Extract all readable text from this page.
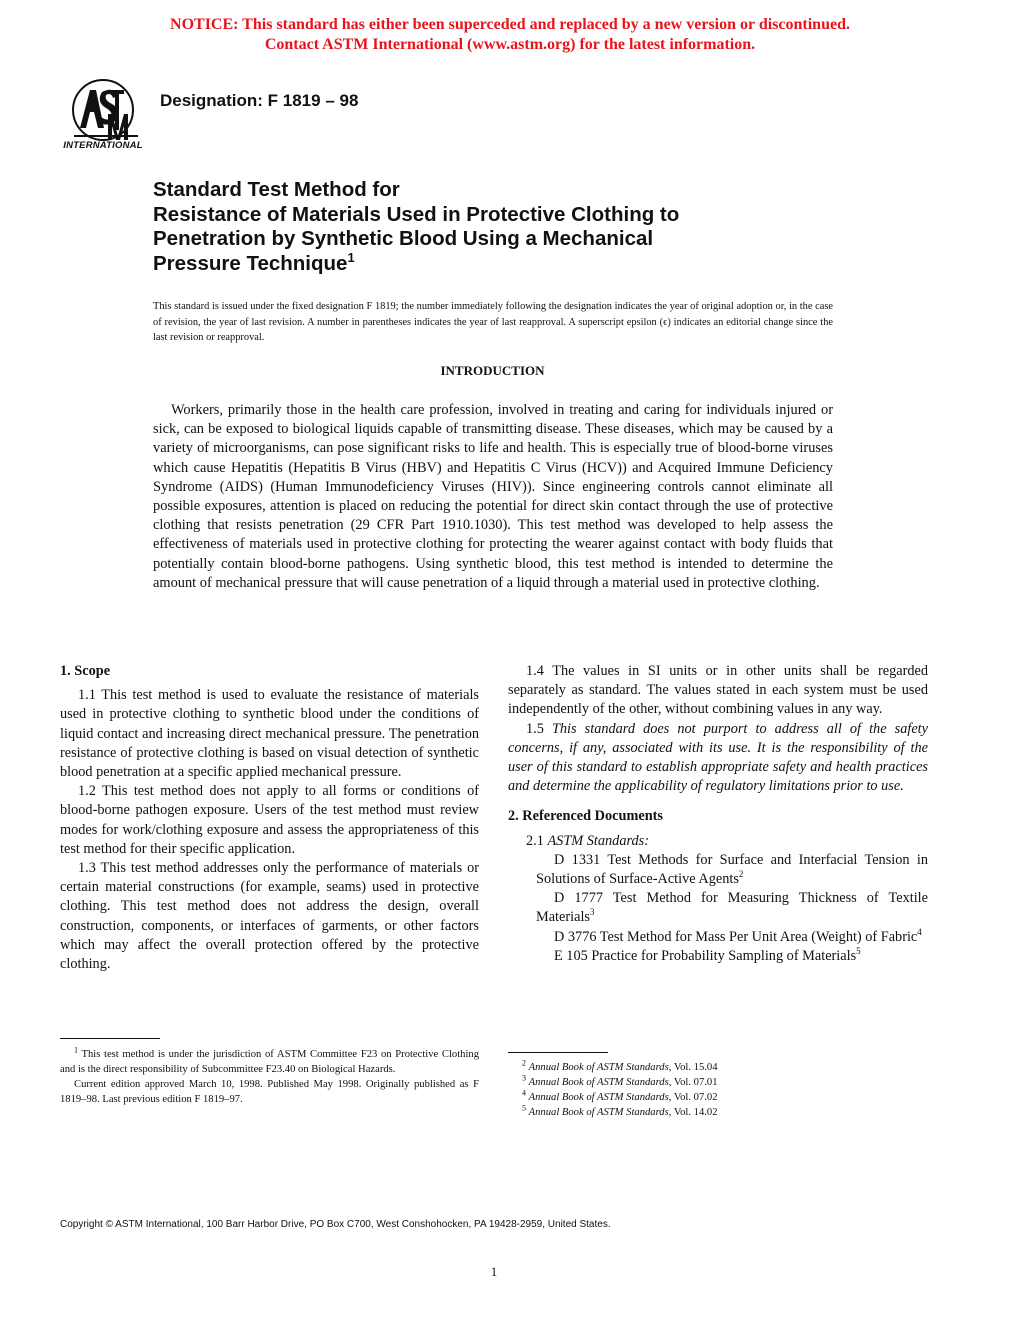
NOTICE: This standard has either been superceded and replaced by a new version or discontinued.
Contact ASTM International (www.astm.org) for the latest information.
INTERNATIONAL
Designation: F 1819 – 98
Standard Test Method for
Resistance of Materials Used in Protective Clothing to
Penetration by Synthetic Blood Using a Mechanical
Pressure Technique$^1$
This standard is issued under the fixed designation F 1819; the number immediately following the designation indicates the year of original adoption or, in the case of revision, the year of last revision. A number in parentheses indicates the year of last reapproval. A superscript epsilon (ϵ) indicates an editorial change since the last revision or reapproval.
INTRODUCTION

Workers, primarily those in the health care profession, involved in treating and caring for individuals injured or sick, can be exposed to biological liquids capable of transmitting disease. These diseases, which may be caused by a variety of microorganisms, can pose significant risks to life and health. This is especially true of blood-borne viruses which cause Hepatitis (Hepatitis B Virus (HBV) and Hepatitis C Virus (HCV)) and Acquired Immune Deficiency Syndrome (AIDS) (Human Immunodeficiency Viruses (HIV)). Since engineering controls cannot eliminate all possible exposures, attention is placed on reducing the potential for direct skin contact through the use of protective clothing that resists penetration (29 CFR Part 1910.1030). This test method was developed to help assess the effectiveness of materials used in protective clothing for protecting the wearer against contact with body fluids that potentially contain blood-borne pathogens. Using synthetic blood, this test method is intended to determine the amount of mechanical pressure that will cause penetration of a liquid through a material used in protective clothing.

1. Scope

1.1 This test method is used to evaluate the resistance of materials used in protective clothing to synthetic blood under the conditions of liquid contact and increasing direct mechanical pressure. The penetration resistance of protective clothing is based on visual detection of synthetic blood penetration at a specific applied mechanical pressure.

1.2 This test method does not apply to all forms or conditions of blood-borne pathogen exposure. Users of the test method must review modes for work/clothing exposure and assess the appropriateness of this test method for their specific application.

1.3 This test method addresses only the performance of materials or certain material constructions (for example, seams) used in protective clothing. This test method does not address the design, overall construction, components, or interfaces of garments, or other factors which may affect the overall protection offered by the protective clothing.

$^1$ This test method is under the jurisdiction of ASTM Committee F23 on Protective Clothing and is the direct responsibility of Subcommittee F23.40 on Biological Hazards.

Current edition approved March 10, 1998. Published May 1998. Originally published as F 1819–98. Last previous edition F 1819–97.

1.4 The values in SI units or in other units shall be regarded separately as standard. The values stated in each system must be used independently of the other, without combining values in any way.

1.5 This standard does not purport to address all of the safety concerns, if any, associated with its use. It is the responsibility of the user of this standard to establish appropriate safety and health practices and determine the applicability of regulatory limitations prior to use.

2. Referenced Documents

2.1 ASTM Standards:

D 1331 Test Methods for Surface and Interfacial Tension in Solutions of Surface-Active Agents$^2$

D 1777 Test Method for Measuring Thickness of Textile Materials$^3$

D 3776 Test Method for Mass Per Unit Area (Weight) of Fabric$^4$

E 105 Practice for Probability Sampling of Materials$^5$

$^2$ Annual Book of ASTM Standards, Vol. 15.04

$^3$ Annual Book of ASTM Standards, Vol. 07.01

$^4$ Annual Book of ASTM Standards, Vol. 07.02

$^5$ Annual Book of ASTM Standards, Vol. 14.02

Copyright © ASTM International, 100 Barr Harbor Drive, PO Box C700, West Conshohocken, PA 19428-2959, United States.
1
